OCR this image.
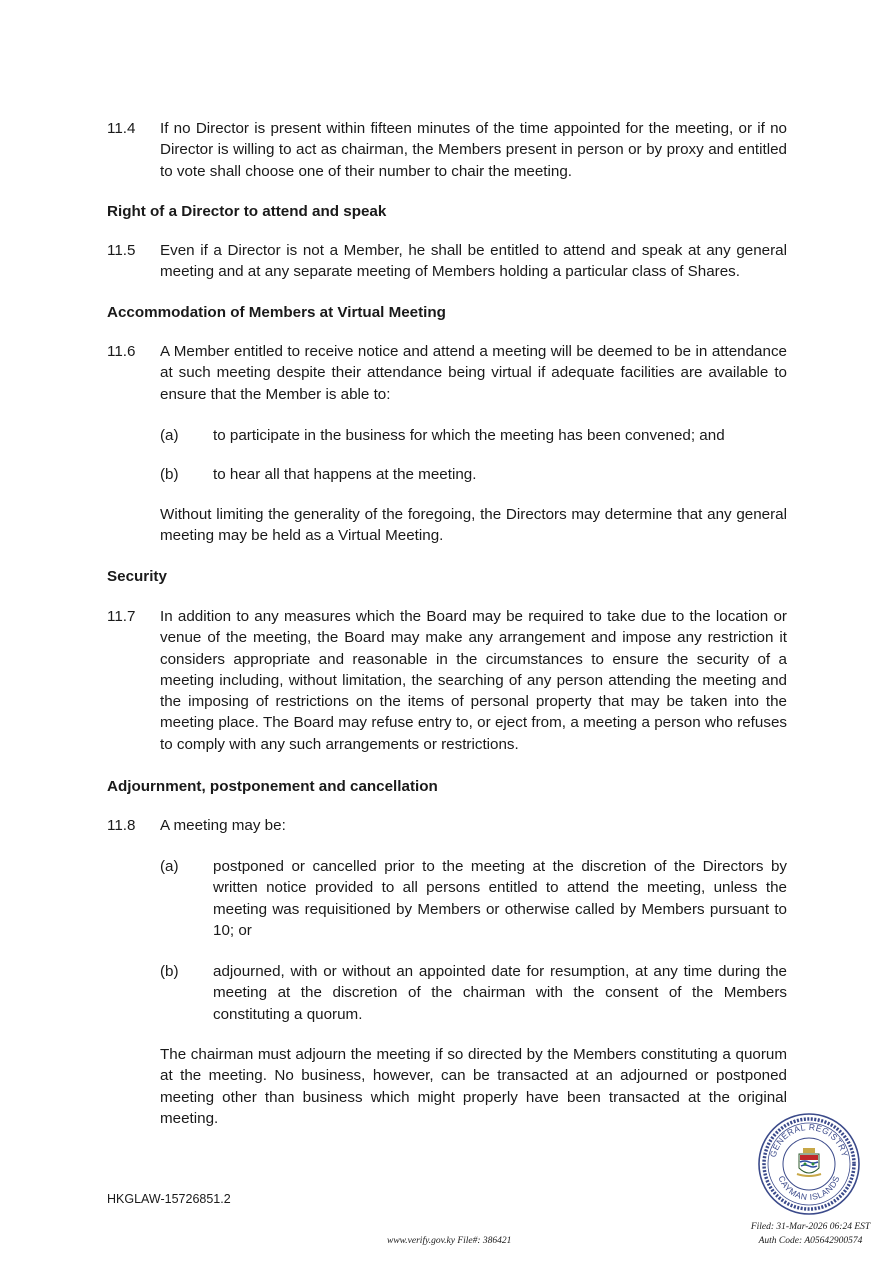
11.4 If no Director is present within fifteen minutes of the time appointed for the meeting, or if no Director is willing to act as chairman, the Members present in person or by proxy and entitled to vote shall choose one of their number to chair the meeting.
Right of a Director to attend and speak
11.5 Even if a Director is not a Member, he shall be entitled to attend and speak at any general meeting and at any separate meeting of Members holding a particular class of Shares.
Accommodation of Members at Virtual Meeting
11.6 A Member entitled to receive notice and attend a meeting will be deemed to be in attendance at such meeting despite their attendance being virtual if adequate facilities are available to ensure that the Member is able to:
(a) to participate in the business for which the meeting has been convened; and
(b) to hear all that happens at the meeting.
Without limiting the generality of the foregoing, the Directors may determine that any general meeting may be held as a Virtual Meeting.
Security
11.7 In addition to any measures which the Board may be required to take due to the location or venue of the meeting, the Board may make any arrangement and impose any restriction it considers appropriate and reasonable in the circumstances to ensure the security of a meeting including, without limitation, the searching of any person attending the meeting and the imposing of restrictions on the items of personal property that may be taken into the meeting place. The Board may refuse entry to, or eject from, a meeting a person who refuses to comply with any such arrangements or restrictions.
Adjournment, postponement and cancellation
11.8 A meeting may be:
(a) postponed or cancelled prior to the meeting at the discretion of the Directors by written notice provided to all persons entitled to attend the meeting, unless the meeting was requisitioned by Members or otherwise called by Members pursuant to 10; or
(b) adjourned, with or without an appointed date for resumption, at any time during the meeting at the discretion of the chairman with the consent of the Members constituting a quorum.
The chairman must adjourn the meeting if so directed by the Members constituting a quorum at the meeting. No business, however, can be transacted at an adjourned or postponed meeting other than business which might properly have been transacted at the original meeting.
HKGLAW-15726851.2
www.verify.gov.ky File#: 386421
GENERAL REGISTRY
CAYMAN ISLANDS
Filed: 31-Mar-2026 06:24 EST
Auth Code: A05642900574
